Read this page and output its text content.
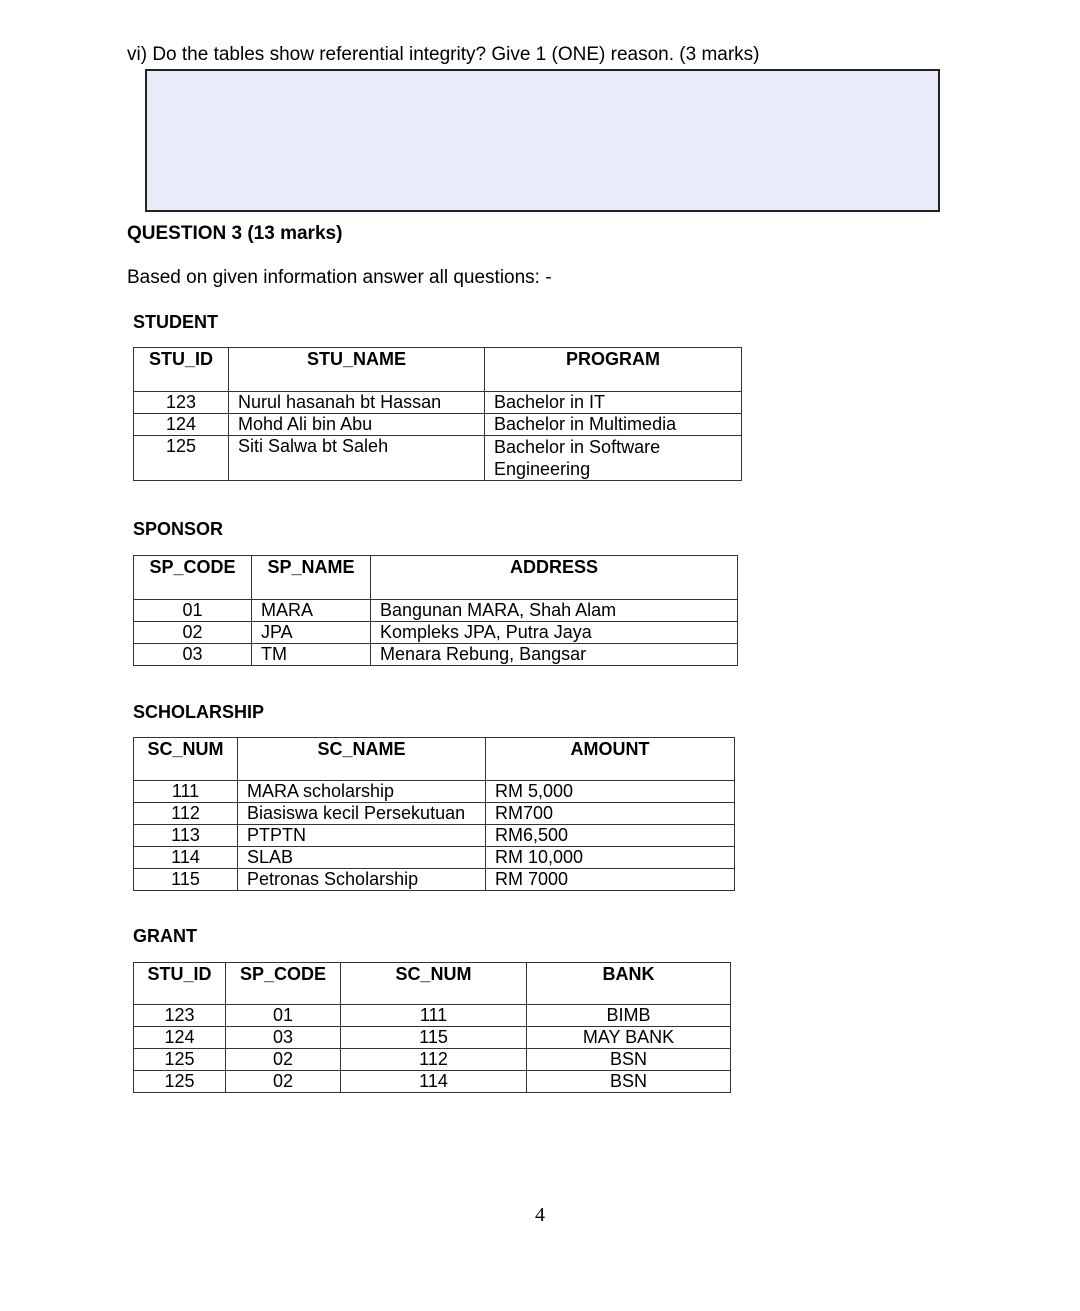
vi) Do the tables show referential integrity? Give 1 (ONE) reason. (3 marks)
QUESTION 3 (13 marks)
Based on given information answer all questions: -
STUDENT
STU_ID	STU_NAME	PROGRAM
123	Nurul hasanah bt Hassan	Bachelor in IT
124	Mohd Ali bin Abu	Bachelor in Multimedia
125	Siti Salwa bt Saleh	Bachelor in Software Engineering
SPONSOR
SP_CODE	SP_NAME	ADDRESS
01	MARA	Bangunan MARA, Shah Alam
02	JPA	Kompleks JPA, Putra Jaya
03	TM	Menara Rebung, Bangsar
SCHOLARSHIP
SC_NUM	SC_NAME	AMOUNT
111	MARA scholarship	RM 5,000
112	Biasiswa kecil Persekutuan	RM700
113	PTPTN	RM6,500
114	SLAB	RM 10,000
115	Petronas Scholarship	RM 7000
GRANT
STU_ID	SP_CODE	SC_NUM	BANK
123	01	111	BIMB
124	03	115	MAY BANK
125	02	112	BSN
125	02	114	BSN
4
